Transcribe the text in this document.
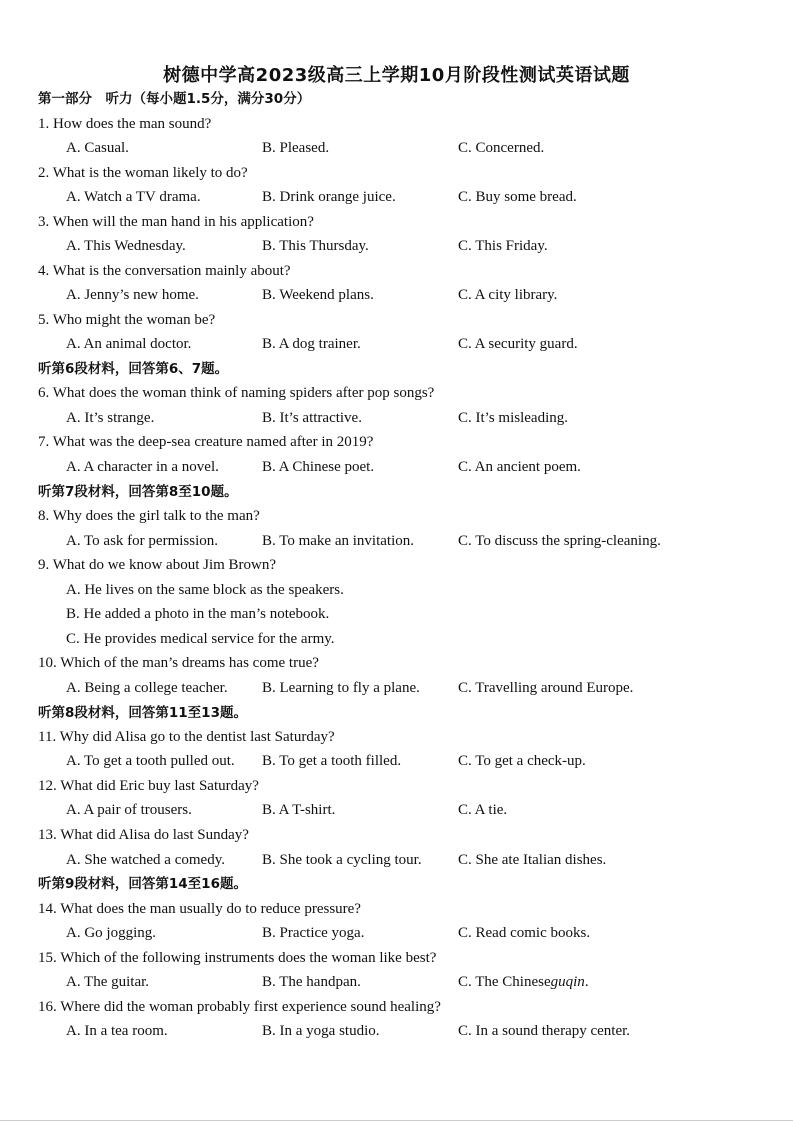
树德中学高2023级高三上学期10月阶段性测试英语试题
第一部分　听力（每小题1.5分，满分30分）
1. How does the man sound?
A. Casual.	B. Pleased.	C. Concerned.
2. What is the woman likely to do?
A. Watch a TV drama.	B. Drink orange juice.	C. Buy some bread.
3. When will the man hand in his application?
A. This Wednesday.	B. This Thursday.	C. This Friday.
4. What is the conversation mainly about?
A. Jenny’s new home.	B. Weekend plans.	C. A city library.
5. Who might the woman be?
A. An animal doctor.	B. A dog trainer.	C. A security guard.
听第6段材料，回答第6、7题。
6. What does the woman think of naming spiders after pop songs?
A. It’s strange.	B. It’s attractive.	C. It’s misleading.
7. What was the deep-sea creature named after in 2019?
A. A character in a novel.	B. A Chinese poet.	C. An ancient poem.
听第7段材料，回答第8至10题。
8. Why does the girl talk to the man?
A. To ask for permission.	B. To make an invitation.	C. To discuss the spring-cleaning.
9. What do we know about Jim Brown?
A. He lives on the same block as the speakers.
B. He added a photo in the man’s notebook.
C. He provides medical service for the army.
10. Which of the man’s dreams has come true?
A. Being a college teacher. B. Learning to fly a plane.	C. Travelling around Europe.
听第8段材料，回答第11至13题。
11. Why did Alisa go to the dentist last Saturday?
A. To get a tooth pulled out. B. To get a tooth filled.	C. To get a check-up.
12. What did Eric buy last Saturday?
A. A pair of trousers.	B. A T-shirt.	C. A tie.
13. What did Alisa do last Sunday?
A. She watched a comedy. B. She took a cycling tour. C. She ate Italian dishes.
听第9段材料，回答第14至16题。
14. What does the man usually do to reduce pressure?
A. Go jogging.	B. Practice yoga.	C. Read comic books.
15. Which of the following instruments does the woman like best?
A. The guitar.	B. The handpan.	C. The Chineseguqin.
16. Where did the woman probably first experience sound healing?
A. In a tea room.	B. In a yoga studio.	C. In a sound therapy center.
